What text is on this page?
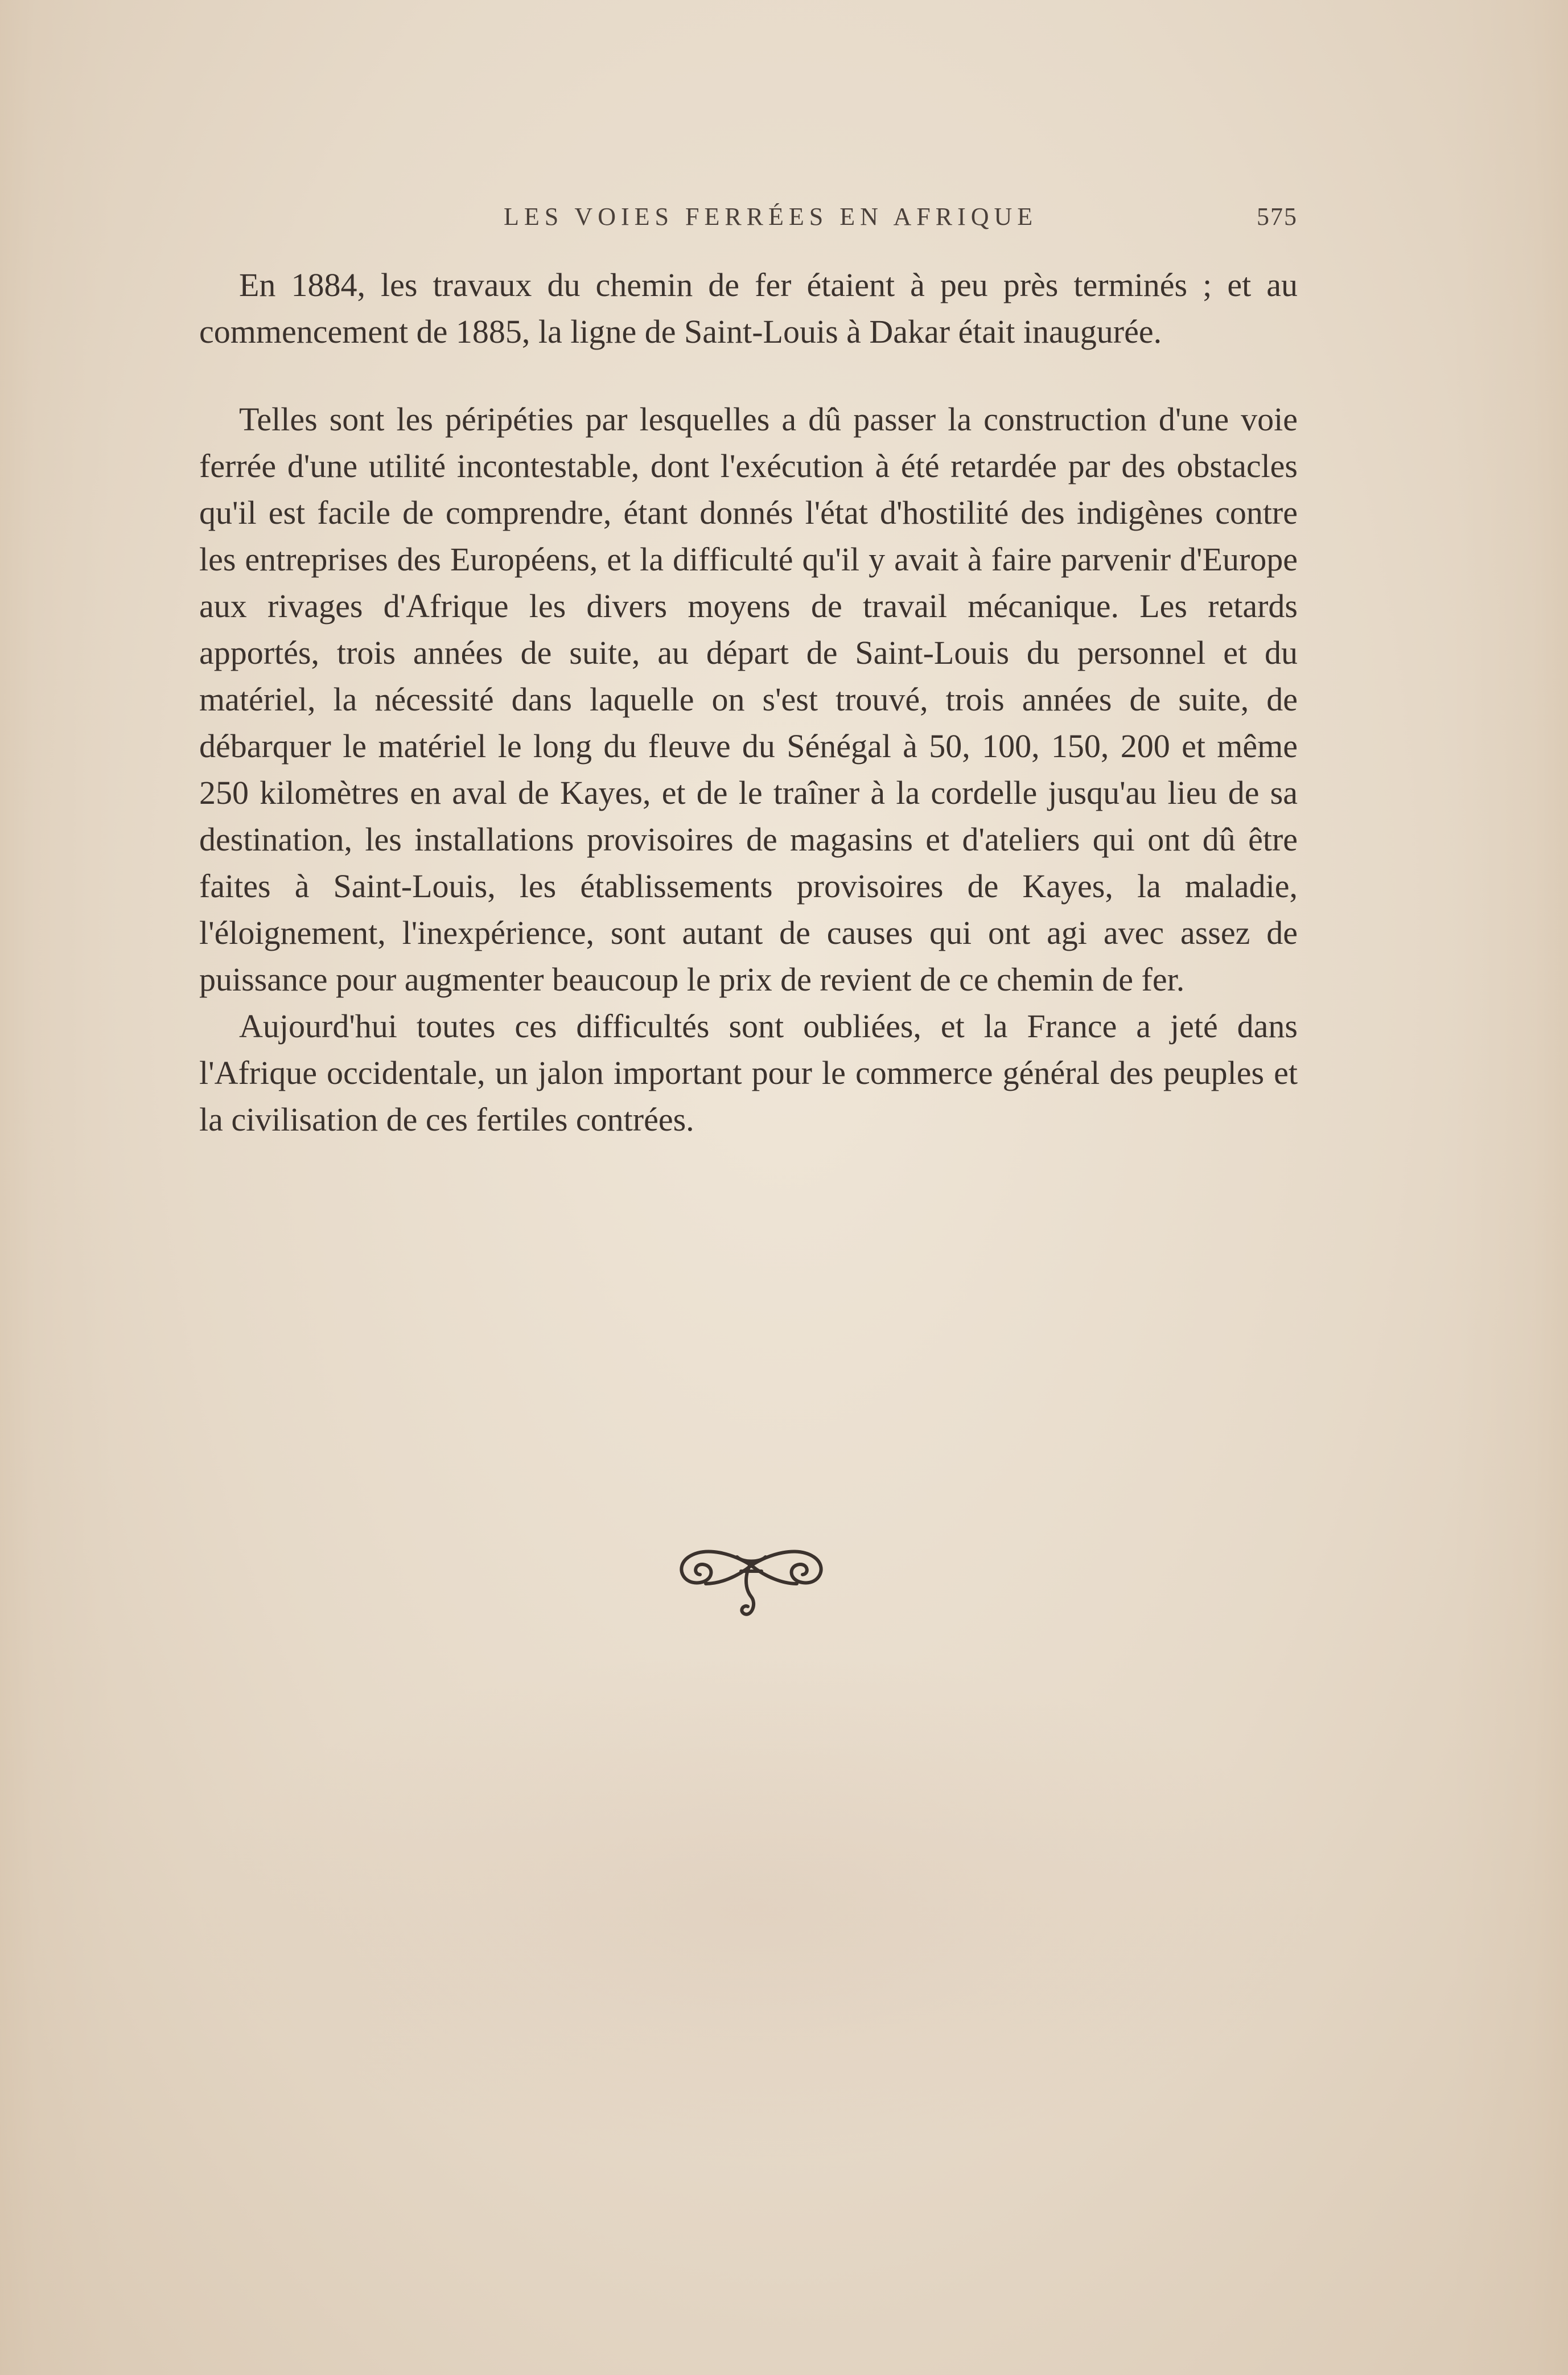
LES VOIES FERRÉES EN AFRIQUE	575

En 1884, les travaux du chemin de fer étaient à peu près terminés ; et au commencement de 1885, la ligne de Saint-Louis à Dakar était inaugurée.

Telles sont les péripéties par lesquelles a dû passer la construction d'une voie ferrée d'une utilité incontestable, dont l'exécution à été retardée par des obstacles qu'il est facile de comprendre, étant donnés l'état d'hostilité des indigènes contre les entreprises des Européens, et la difficulté qu'il y avait à faire parvenir d'Europe aux rivages d'Afrique les divers moyens de travail mécanique. Les retards apportés, trois années de suite, au départ de Saint-Louis du personnel et du matériel, la nécessité dans laquelle on s'est trouvé, trois années de suite, de débarquer le matériel le long du fleuve du Sénégal à 50, 100, 150, 200 et même 250 kilomètres en aval de Kayes, et de le traîner à la cordelle jusqu'au lieu de sa destination, les installations provisoires de magasins et d'ateliers qui ont dû être faites à Saint-Louis, les établissements provisoires de Kayes, la maladie, l'éloignement, l'inexpérience, sont autant de causes qui ont agi avec assez de puissance pour augmenter beaucoup le prix de revient de ce chemin de fer.

Aujourd'hui toutes ces difficultés sont oubliées, et la France a jeté dans l'Afrique occidentale, un jalon important pour le commerce général des peuples et la civilisation de ces fertiles contrées.
